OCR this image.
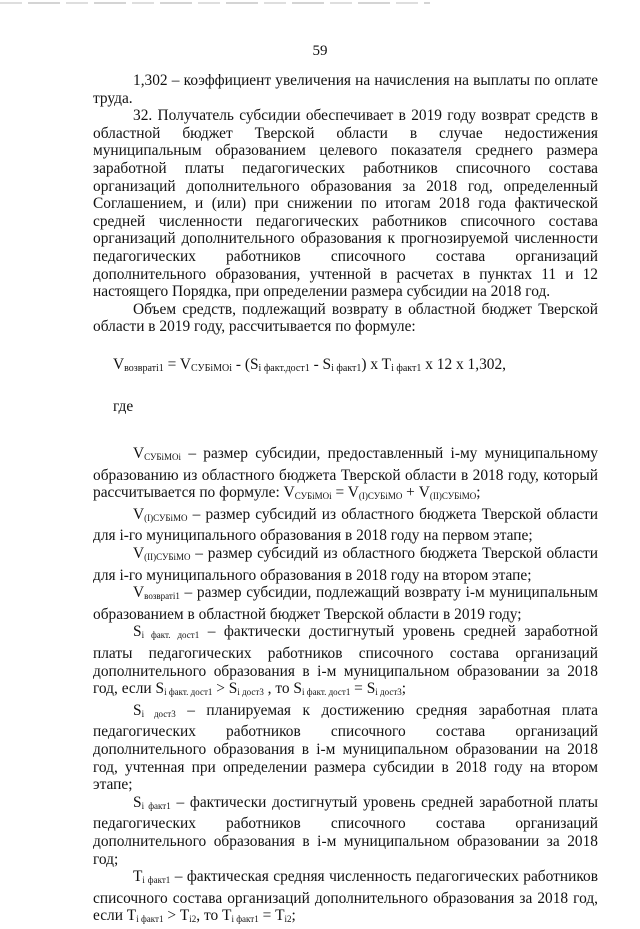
59

1,302 – коэффициент увеличения на начисления на выплаты по оплате труда.

32. Получатель субсидии обеспечивает в 2019 году возврат средств в областной бюджет Тверской области в случае недостижения муниципальным образованием целевого показателя среднего размера заработной платы педагогических работников списочного состава организаций дополнительного образования за 2018 год, определенный Соглашением, и (или) при снижении по итогам 2018 года фактической средней численности педагогических работников списочного состава организаций дополнительного образования к прогнозируемой численности педагогических работников списочного состава организаций дополнительного образования, учтенной в расчетах в пунктах 11 и 12 настоящего Порядка, при определении размера субсидии на 2018 год.

Объем средств, подлежащий возврату в областной бюджет Тверской области в 2019 году, рассчитывается по формуле:

$V_{возвратi1} = V_{СУБiМОi} - (S_{i факт.дост1} - S_{i факт1})$ x $T_{i факт1}$ x 12 x 1,302,

где

$V_{СУБiМОi}$ – размер субсидии, предоставленный i-му муниципальному образованию из областного бюджета Тверской области в 2018 году, который рассчитывается по формуле: $V_{СУБiМОi} = V_{(I)СУБiМО} + V_{(II)СУБiМО}$;

$V_{(I)СУБiМО}$ – размер субсидий из областного бюджета Тверской области для i-го муниципального образования в 2018 году на первом этапе;

$V_{(II)СУБiМО}$ – размер субсидий из областного бюджета Тверской области для i-го муниципального образования в 2018 году на втором этапе;

$V_{возвратi1}$ – размер субсидии, подлежащий возврату i-м муниципальным образованием в областной бюджет Тверской области в 2019 году;

$S_{i факт. дост1}$ – фактически достигнутый уровень средней заработной платы педагогических работников списочного состава организаций дополнительного образования в i-м муниципальном образовании за 2018 год, если $S_{i факт. дост1} > S_{i дост3}$ , то $S_{i факт. дост1} = S_{i дост3}$;

$S_{i дост3}$ – планируемая к достижению средняя заработная плата педагогических работников списочного состава организаций дополнительного образования в i-м муниципальном образовании на 2018 год, учтенная при определении размера субсидии в 2018 году на втором этапе;

$S_{i факт1}$ – фактически достигнутый уровень средней заработной платы педагогических работников списочного состава организаций дополнительного образования в i-м муниципальном образовании за 2018 год;

$T_{i факт1}$ – фактическая средняя численность педагогических работников списочного состава организаций дополнительного образования за 2018 год, если $T_{i факт1} > T_{i2}$, то $T_{i факт1} = T_{i2}$;
